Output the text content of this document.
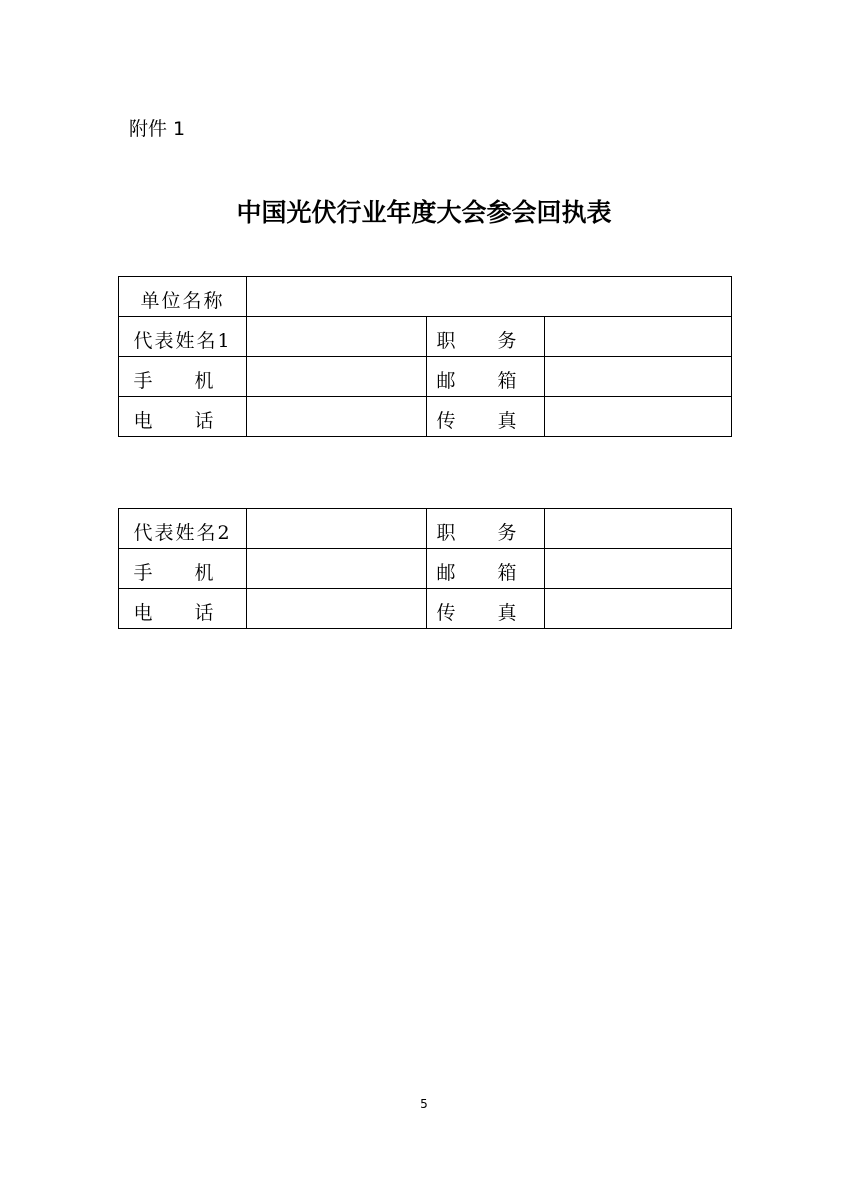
附件 1
中国光伏行业年度大会参会回执表
单位名称			
代表姓名1		职 务	
手 机		邮 箱	
电 话		传 真	
代表姓名2		职 务	
手 机		邮 箱	
电 话		传 真	
5
